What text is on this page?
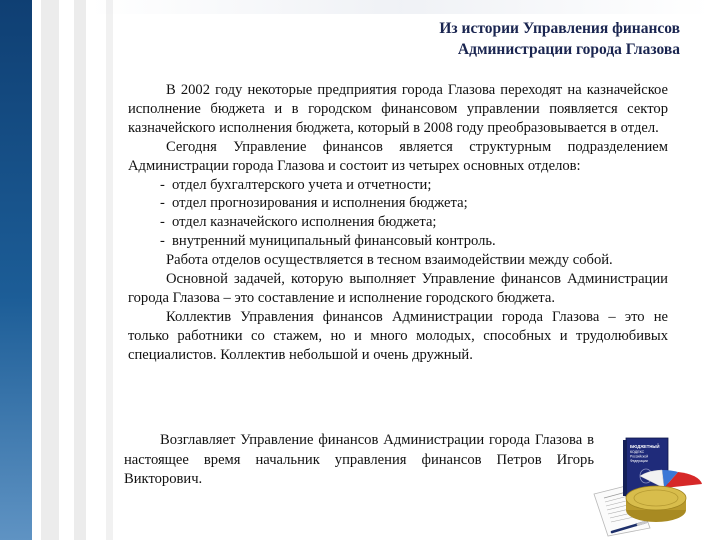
Из истории Управления финансов
Администрации города Глазова

В 2002 году некоторые предприятия города Глазова переходят на казначейское исполнение бюджета и в городском финансовом управлении появляется сектор казначейского исполнения бюджета, который в 2008 году преобразовывается в отдел.

Сегодня Управление финансов является структурным подразделением Администрации города Глазова и состоит из четырех основных отделов:

- отдел бухгалтерского учета и отчетности;
- отдел прогнозирования и исполнения бюджета;
- отдел казначейского исполнения бюджета;
- внутренний муниципальный финансовый контроль.

Работа отделов осуществляется в тесном взаимодействии между собой.

Основной задачей, которую выполняет Управление финансов Администрации города Глазова – это составление и исполнение городского бюджета.

Коллектив Управления финансов Администрации города Глазова – это не только работники со стажем, но и много молодых, способных и трудолюбивых специалистов. Коллектив небольшой и очень дружный.

Возглавляет Управление финансов Администрации города Глазова в настоящее время начальник управления финансов Петров Игорь Викторович.

БЮДЖЕТНЫЙ
КОДЕКС
Российской
Федерации
